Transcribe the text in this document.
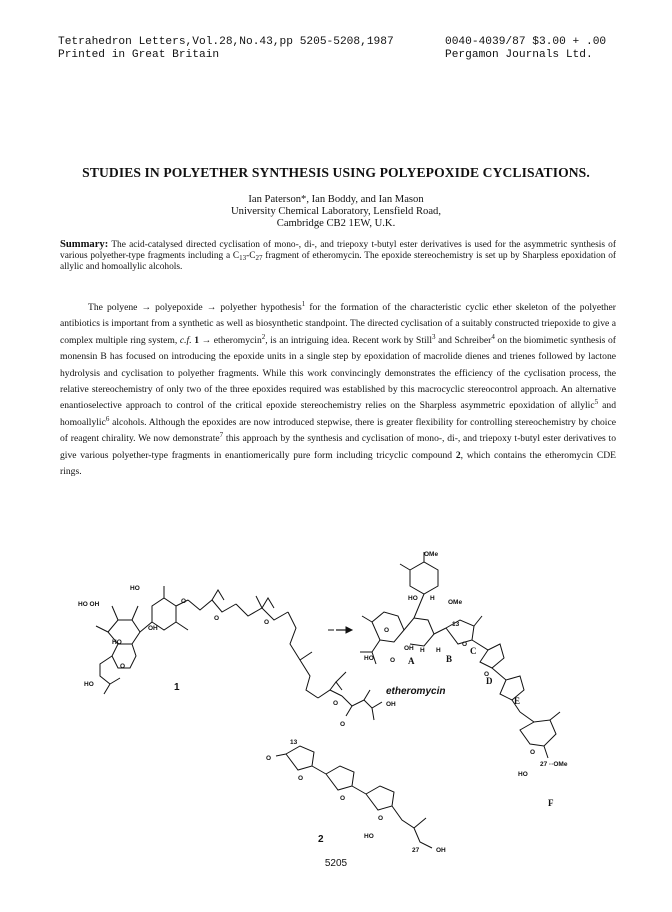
Tetrahedron Letters,Vol.28,No.43,pp 5205-5208,1987
Printed in Great Britain
0040-4039/87 $3.00 + .00
Pergamon Journals Ltd.
STUDIES IN POLYETHER SYNTHESIS USING POLYEPOXIDE CYCLISATIONS.
Ian Paterson*, Ian Boddy, and Ian Mason
University Chemical Laboratory, Lensfield Road,
Cambridge CB2 1EW, U.K.
Summary: The acid-catalysed directed cyclisation of mono-, di-, and triepoxy t-butyl ester derivatives is used for the asymmetric synthesis of various polyether-type fragments including a $C_{13}-C_{27}$ fragment of etheromycin. The epoxide stereochemistry is set up by Sharpless epoxidation of allylic and homoallylic alcohols.
The polyene → polyepoxide → polyether hypothesis$^1$ for the formation of the characteristic cyclic ether skeleton of the polyether antibiotics is important from a synthetic as well as biosynthetic standpoint. The directed cyclisation of a suitably constructed triepoxide to give a complex multiple ring system, c.f. 1 → etheromycin$^2$, is an intriguing idea. Recent work by Still$^3$ and Schreiber$^4$ on the biomimetic synthesis of monensin B has focused on introducing the epoxide units in a single step by epoxidation of macrolide dienes and trienes followed by lactone hydrolysis and cyclisation to polyether fragments. While this work convincingly demonstrates the efficiency of the cyclisation process, the relative stereochemistry of only two of the three epoxides required was established by this macrocyclic stereocontrol approach. An alternative enantioselective approach to control of the critical epoxide stereochemistry relies on the Sharpless asymmetric epoxidation of allylic$^5$ and homoallylic$^6$ alcohols. Although the epoxides are now introduced stepwise, there is greater flexibility for controlling stereochemistry by choice of reagent chirality. We now demonstrate$^7$ this approach by the synthesis and cyclisation of mono-, di-, and triepoxy t-butyl ester derivatives to give various polyether-type fragments in enantiomerically pure form including tricyclic compound 2, which contains the etheromycin CDE rings.
HO
HO OH
OH
O
O
O
HO
O
HO
O	OH
O
1
OMe
HO H
OMe
13
O
OH H H
HO	O
O
O
O
27 ··OMe
HO
A	B
C
D
E
F
etheromycin
13
O
O
O
O
HO
27	OH
2
5205
